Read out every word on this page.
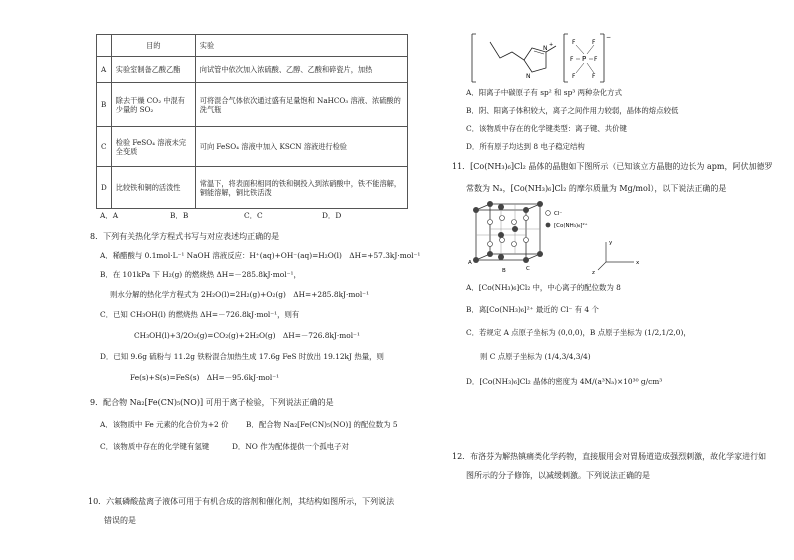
	目的	实验
A	实验室制备乙酸乙酯	向试管中依次加入浓硫酸、乙醇、乙酸和碎瓷片，加热
B	除去干燥 CO₂ 中混有少量的 SO₂	可将混合气体依次通过盛有足量饱和 NaHCO₃ 溶液、浓硫酸的洗气瓶
C	检验 FeSO₄ 溶液未完全变质	可向 FeSO₄ 溶液中加入 KSCN 溶液进行检验
D	比较铁和铜的活泼性	常温下，将表面积相同的铁和铜投入到浓硝酸中，铁不能溶解，铜能溶解，铜比铁活泼
A．A	B．B	C．C	D．D
8．下列有关热化学方程式书写与对应表述均正确的是
A．稀醋酸与 0.1mol·L⁻¹ NaOH 溶液反应：H⁺(aq)+OH⁻(aq)=H₂O(l)　ΔH=+57.3kJ·mol⁻¹
B．在 101kPa 下 H₂(g) 的燃烧热 ΔH=－285.8kJ·mol⁻¹，
则水分解的热化学方程式为 2H₂O(l)=2H₂(g)+O₂(g)　ΔH=+285.8kJ·mol⁻¹
C．已知 CH₃OH(l) 的燃烧热 ΔH=－726.8kJ·mol⁻¹，则有
CH₃OH(l)+3/2O₂(g)=CO₂(g)+2H₂O(g)　ΔH=－726.8kJ·mol⁻¹
D．已知 9.6g 硫粉与 11.2g 铁粉混合加热生成 17.6g FeS 时放出 19.12kJ 热量，则
Fe(s)+S(s)=FeS(s)　ΔH=－95.6kJ·mol⁻¹
9．配合物 Na₂[Fe(CN)₅(NO)] 可用于离子检验，下列说法正确的是
A．该物质中 Fe 元素的化合价为+2 价 B．配合物 Na₂[Fe(CN)₅(NO)] 的配位数为 5
C．该物质中存在的化学键有氢键	D．NO 作为配体提供一个孤电子对
10．六氟磷酸盐离子液体可用于有机合成的溶剂和催化剂，其结构如图所示，下列说法
错误的是
N
N +
P
F	F
F	F
F	F
−
A．阳离子中碳原子有 sp² 和 sp³ 两种杂化方式
B．阴、阳离子体积较大，离子之间作用力较弱，晶体的熔点较低
C．该物质中存在的化学键类型：离子键、共价键
D．所有原子均达到 8 电子稳定结构
11．[Co(NH₃)₆]Cl₂ 晶体的晶胞如下图所示（已知该立方晶胞的边长为 apm，阿伏加德罗
常数为 Nₐ，[Co(NH₃)₆]Cl₂ 的摩尔质量为 Mg/mol），以下说法正确的是
Cl⁻
[Co(NH₃)₆]²⁺
A
B	C
x
y
z
A．[Co(NH₃)₆]Cl₂ 中，中心离子的配位数为 8
B．离[Co(NH₃)₆]²⁺ 最近的 Cl⁻ 有 4 个
C．若规定 A 点原子坐标为 (0,0,0)，B 点原子坐标为 (1/2,1/2,0)，
则 C 点原子坐标为 (1/4,3/4,3/4)
D．[Co(NH₃)₆]Cl₂ 晶体的密度为 4M/(a³Nₐ)×10³⁰ g/cm³
12．布洛芬为解热镇痛类化学药物，直接服用会对胃肠道造成强烈刺激，故化学家进行如
图所示的分子修饰，以减缓刺激。下列说法正确的是
